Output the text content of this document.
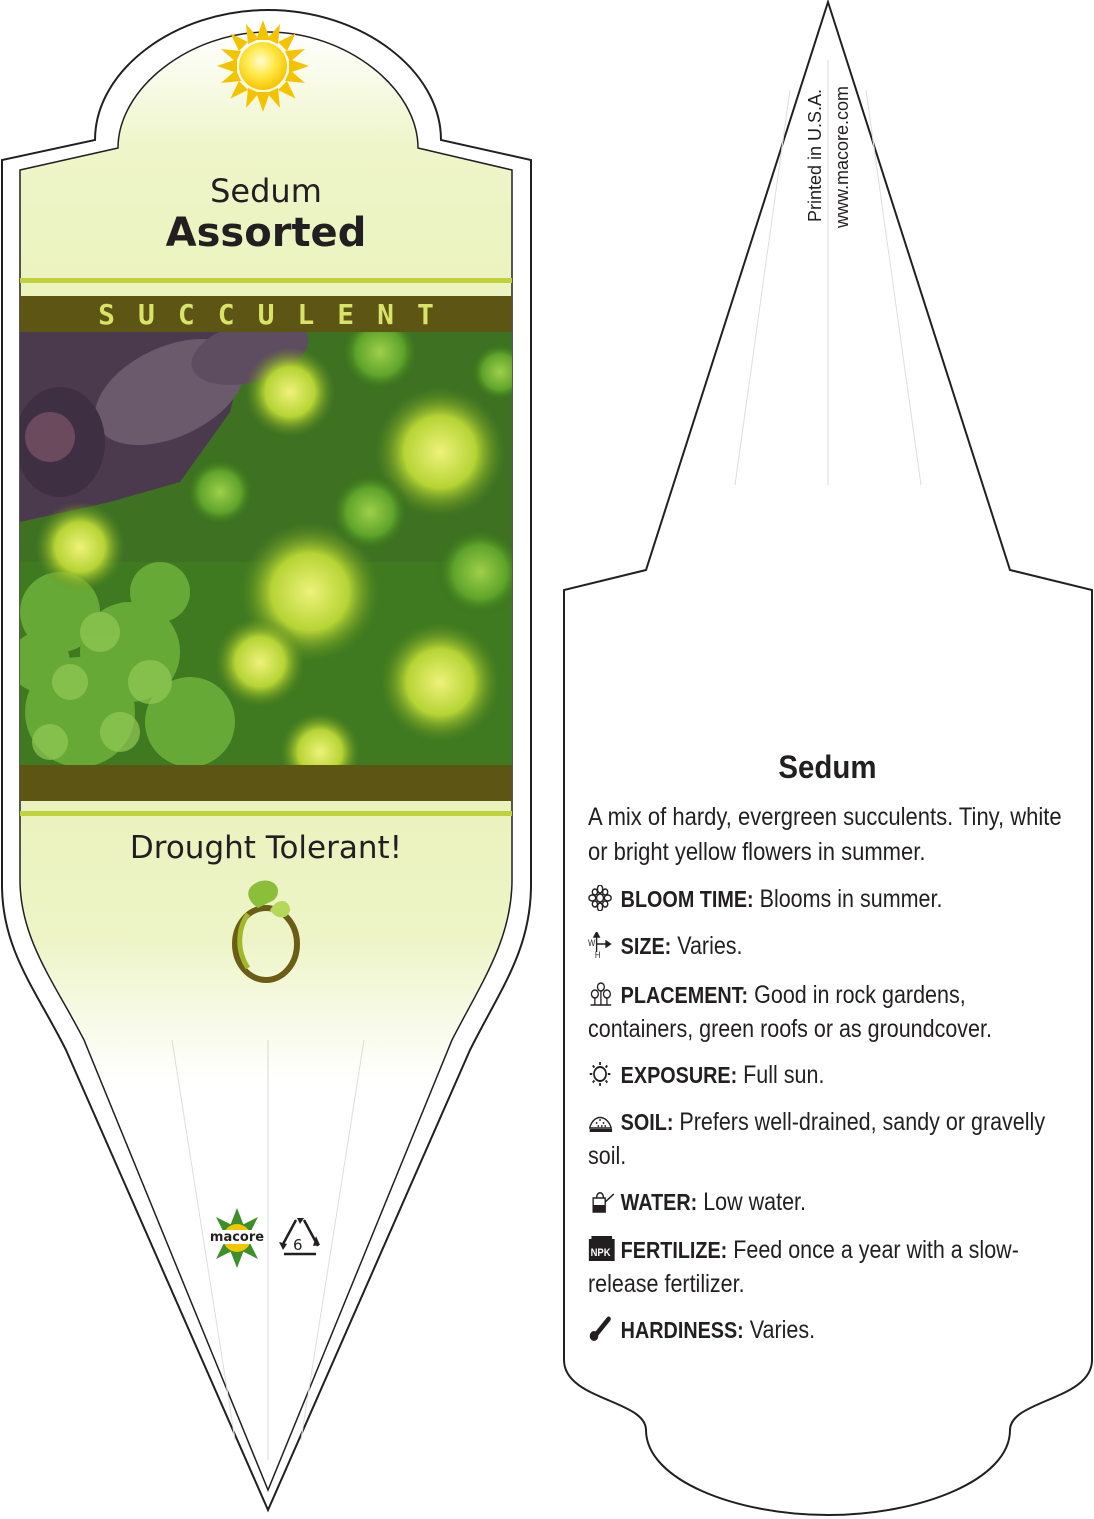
Sedum
Assorted
SUCCULENT
Drought Tolerant!
macore 6
Printed in U.S.A. www.macore.com
Sedum
A mix of hardy, evergreen succulents. Tiny, white or bright yellow flowers in summer.
BLOOM TIME: Blooms in summer.
W
H SIZE: Varies.
PLACEMENT: Good in rock gardens, containers, green roofs or as groundcover.
EXPOSURE: Full sun.
SOIL: Prefers well-drained, sandy or gravelly soil.
WATER: Low water.
NPK FERTILIZE: Feed once a year with a slow-release fertilizer.
HARDINESS: Varies.
